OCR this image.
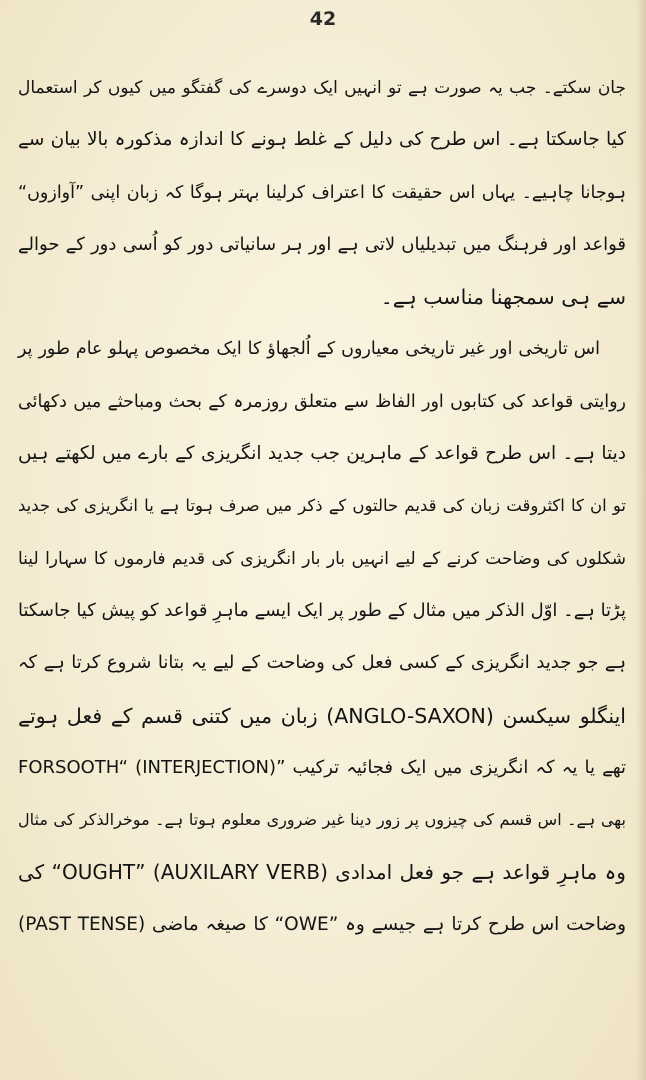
42
جان سکتے۔ جب یہ صورت ہے تو انہیں ایک دوسرے کی گفتگو میں کیوں کر استعمال
کیا جاسکتا ہے۔ اس طرح کی دلیل کے غلط ہونے کا اندازہ مذکورہ بالا بیان سے
ہوجانا چاہیے۔ یہاں اس حقیقت کا اعتراف کرلینا بہتر ہوگا کہ زبان اپنی ”آوازوں“
قواعد اور فرہنگ میں تبدیلیاں لاتی ہے اور ہر سانیاتی دور کو اُسی دور کے حوالے
سے ہی سمجھنا مناسب ہے۔
اس تاریخی اور غیر تاریخی معیاروں کے اُلجھاؤ کا ایک مخصوص پہلو عام طور پر
روایتی قواعد کی کتابوں اور الفاظ سے متعلق روزمرہ کے بحث ومباحثے میں دکھائی
دیتا ہے۔ اس طرح قواعد کے ماہرین جب جدید انگریزی کے بارے میں لکھتے ہیں
تو ان کا اکثروقت زبان کی قدیم حالتوں کے ذکر میں صرف ہوتا ہے یا انگریزی کی جدید
شکلوں کی وضاحت کرنے کے لیے انہیں بار بار انگریزی کی قدیم فارموں کا سہارا لینا
پڑتا ہے۔ اوّل الذکر میں مثال کے طور پر ایک ایسے ماہرِ قواعد کو پیش کیا جاسکتا
ہے جو جدید انگریزی کے کسی فعل کی وضاحت کے لیے یہ بتانا شروع کرتا ہے کہ
اینگلو سیکسن (ANGLO-SAXON) زبان میں کتنی قسم کے فعل ہوتے
تھے یا یہ کہ انگریزی میں ایک فجائیہ ترکیب ”FORSOOTH“ (INTERJECTION)
بھی ہے۔ اس قسم کی چیزوں پر زور دینا غیر ضروری معلوم ہوتا ہے۔ موخرالذکر کی مثال
وہ ماہرِ قواعد ہے جو فعل امدادی (AUXILARY VERB) ”OUGHT“ کی
وضاحت اس طرح کرتا ہے جیسے وہ ”OWE“ کا صیغہ ماضی (PAST TENSE)
